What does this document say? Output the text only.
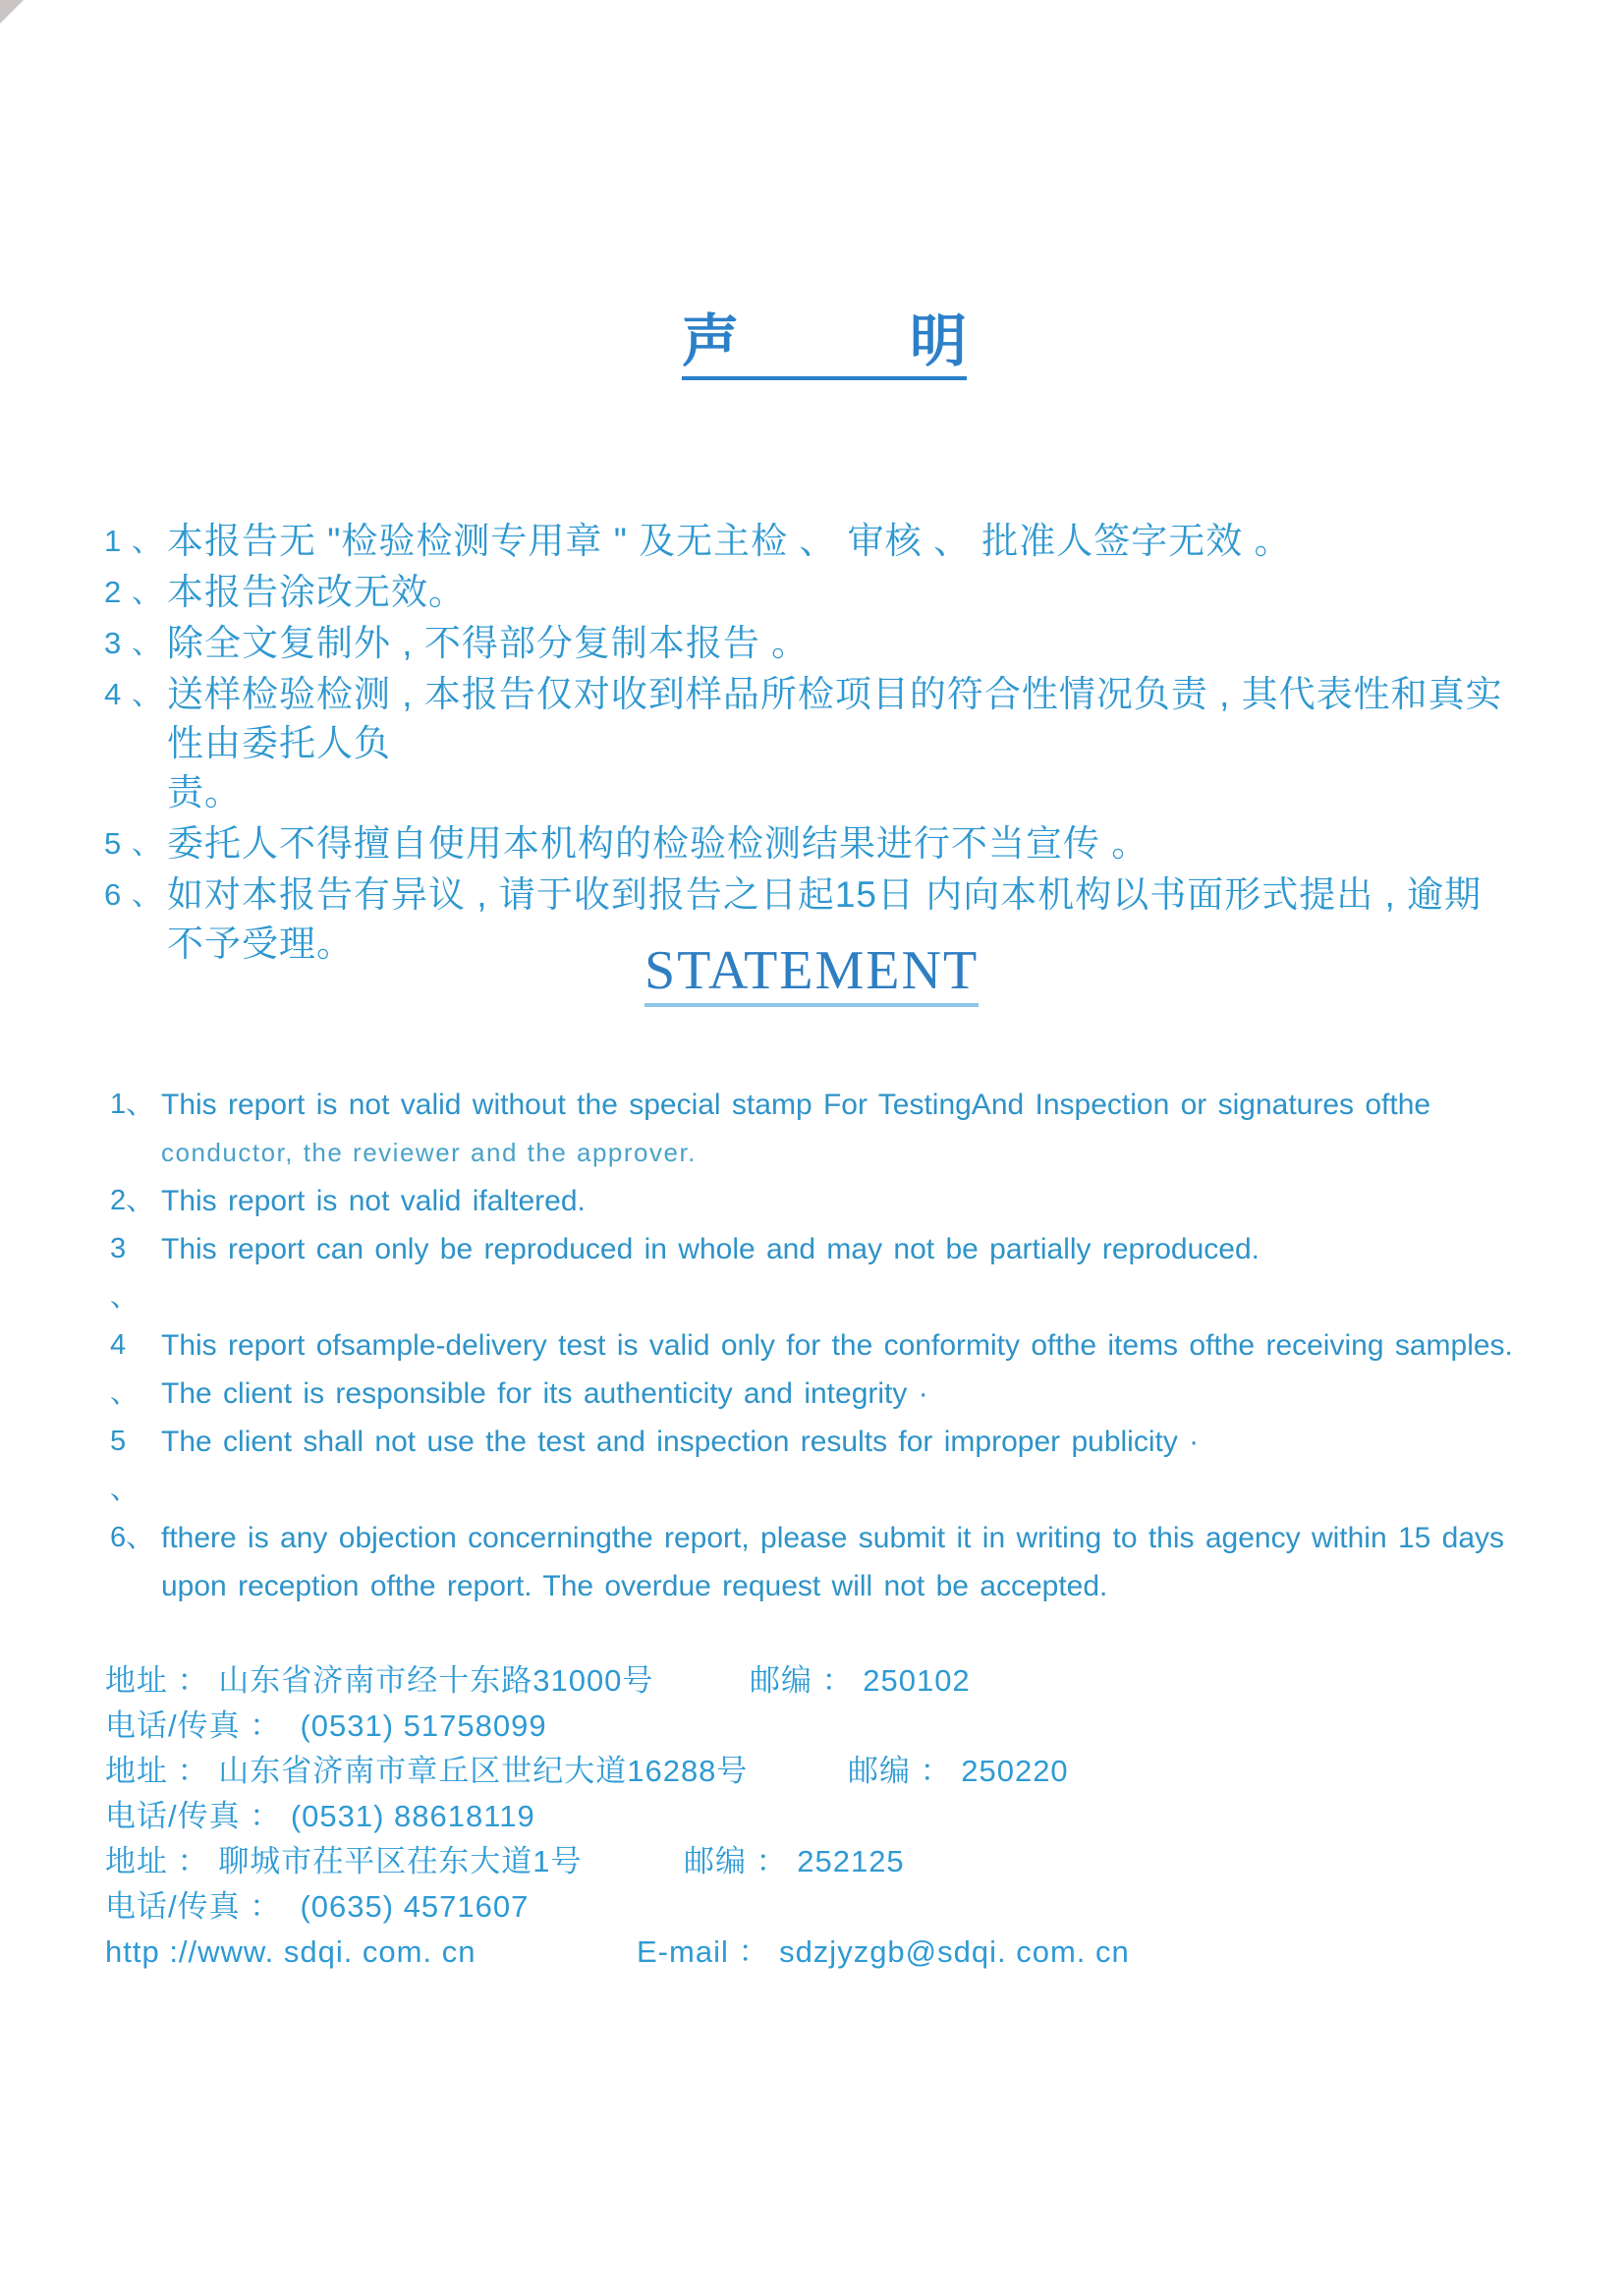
声　　　明
1 、 本报告无 "检验检测专用章 " 及无主检 、 审核 、 批准人签字无效 。
2 、 本报告涂改无效。
3 、 除全文复制外 , 不得部分复制本报告 。
4 、 送样检验检测 , 本报告仅对收到样品所检项目的符合性情况负责 , 其代表性和真实性由委托人负
责。
5 、 委托人不得擅自使用本机构的检验检测结果进行不当宣传 。
6 、 如对本报告有异议 , 请于收到报告之日起15日 内向本机构以书面形式提出 , 逾期不予受理。	STATEMENT
1、 This report is not valid without the special stamp For TestingAnd Inspection or signatures ofthe
conductor, the reviewer and the approver.
2、 This report is not valid ifaltered.
3 、
This report can only be reproduced in whole and may not be partially reproduced.
4 、
This report ofsample-delivery test is valid only for the conformity ofthe items ofthe receiving samples.
The client is responsible for its authenticity and integrity ·
5 、
The client shall not use the test and inspection results for improper publicity ·
6、 fthere is any objection concerningthe report, please submit it in writing to this agency within 15 days
upon reception ofthe report. The overdue request will not be accepted.
地址 ： 山东省济南市经十东路31000号	邮编 ： 250102
电话/传真 ：  (0531) 51758099
地址 ： 山东省济南市章丘区世纪大道16288号	邮编 ： 250220
电话/传真 ： (0531) 88618119
地址 ： 聊城市茌平区茌东大道1号	邮编 ： 252125
电话/传真 ：  (0635) 4571607
http ://www. sdqi. com. cn	E-mail ： sdzjyzgb@sdqi. com. cn
